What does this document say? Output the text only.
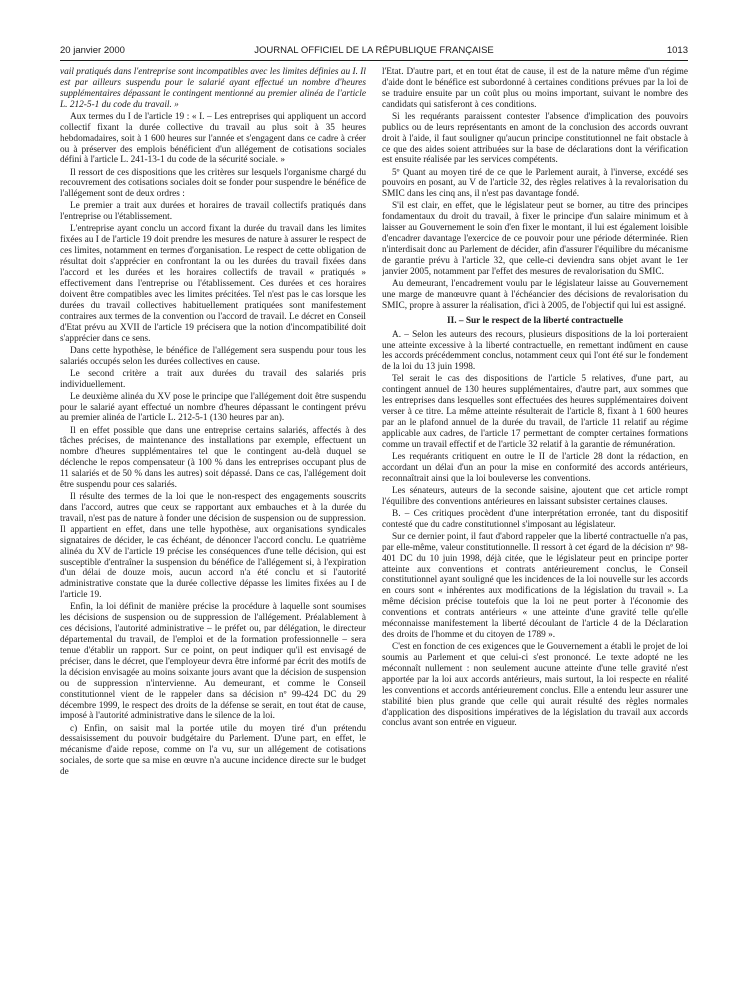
20 janvier 2000	JOURNAL OFFICIEL DE LA RÉPUBLIQUE FRANÇAISE	1013

vail pratiqués dans l'entreprise sont incompatibles avec les limites définies au I. Il est par ailleurs suspendu pour le salarié ayant effectué un nombre d'heures supplémentaires dépassant le contingent mentionné au premier alinéa de l'article L. 212-5-1 du code du travail. »

Aux termes du I de l'article 19 : « I. – Les entreprises qui appliquent un accord collectif fixant la durée collective du travail au plus soit à 35 heures hebdomadaires, soit à 1 600 heures sur l'année et s'engagent dans ce cadre à créer ou à préserver des emplois bénéficient d'un allégement de cotisations sociales défini à l'article L. 241-13-1 du code de la sécurité sociale. »

Il ressort de ces dispositions que les critères sur lesquels l'organisme chargé du recouvrement des cotisations sociales doit se fonder pour suspendre le bénéfice de l'allégement sont de deux ordres :

Le premier a trait aux durées et horaires de travail collectifs pratiqués dans l'entreprise ou l'établissement.

L'entreprise ayant conclu un accord fixant la durée du travail dans les limites fixées au I de l'article 19 doit prendre les mesures de nature à assurer le respect de ces limites, notamment en termes d'organisation. Le respect de cette obligation de résultat doit s'apprécier en confrontant la ou les durées du travail fixées dans l'accord et les durées et les horaires collectifs de travail « pratiqués » effectivement dans l'entreprise ou l'établissement. Ces durées et ces horaires doivent être compatibles avec les limites précitées. Tel n'est pas le cas lorsque les durées du travail collectives habituellement pratiquées sont manifestement contraires aux termes de la convention ou l'accord de travail. Le décret en Conseil d'Etat prévu au XVII de l'article 19 précisera que la notion d'incompatibilité doit s'apprécier dans ce sens.

Dans cette hypothèse, le bénéfice de l'allégement sera suspendu pour tous les salariés occupés selon les durées collectives en cause.

Le second critère a trait aux durées du travail des salariés pris individuellement.

Le deuxième alinéa du XV pose le principe que l'allégement doit être suspendu pour le salarié ayant effectué un nombre d'heures dépassant le contingent prévu au premier alinéa de l'article L. 212-5-1 (130 heures par an).

Il en effet possible que dans une entreprise certains salariés, affectés à des tâches précises, de maintenance des installations par exemple, effectuent un nombre d'heures supplémentaires tel que le contingent au-delà duquel se déclenche le repos compensateur (à 100 % dans les entreprises occupant plus de 11 salariés et de 50 % dans les autres) soit dépassé. Dans ce cas, l'allégement doit être suspendu pour ces salariés.

Il résulte des termes de la loi que le non-respect des engagements souscrits dans l'accord, autres que ceux se rapportant aux embauches et à la durée du travail, n'est pas de nature à fonder une décision de suspension ou de suppression. Il appartient en effet, dans une telle hypothèse, aux organisations syndicales signataires de décider, le cas échéant, de dénoncer l'accord conclu. Le quatrième alinéa du XV de l'article 19 précise les conséquences d'une telle décision, qui est susceptible d'entraîner la suspension du bénéfice de l'allégement si, à l'expiration d'un délai de douze mois, aucun accord n'a été conclu et si l'autorité administrative constate que la durée collective dépasse les limites fixées au I de l'article 19.

Enfin, la loi définit de manière précise la procédure à laquelle sont soumises les décisions de suspension ou de suppression de l'allégement. Préalablement à ces décisions, l'autorité administrative – le préfet ou, par délégation, le directeur départemental du travail, de l'emploi et de la formation professionnelle – sera tenue d'établir un rapport. Sur ce point, on peut indiquer qu'il est envisagé de préciser, dans le décret, que l'employeur devra être informé par écrit des motifs de la décision envisagée au moins soixante jours avant que la décision de suspension ou de suppression n'intervienne. Au demeurant, et comme le Conseil constitutionnel vient de le rappeler dans sa décision nº 99-424 DC du 29 décembre 1999, le respect des droits de la défense se serait, en tout état de cause, imposé à l'autorité administrative dans le silence de la loi.

c) Enfin, on saisit mal la portée utile du moyen tiré d'un prétendu dessaisissement du pouvoir budgétaire du Parlement. D'une part, en effet, le mécanisme d'aide repose, comme on l'a vu, sur un allégement de cotisations sociales, de sorte que sa mise en œuvre n'a aucune incidence directe sur le budget de

l'Etat. D'autre part, et en tout état de cause, il est de la nature même d'un régime d'aide dont le bénéfice est subordonné à certaines conditions prévues par la loi de se traduire ensuite par un coût plus ou moins important, suivant le nombre des candidats qui satisferont à ces conditions.

Si les requérants paraissent contester l'absence d'implication des pouvoirs publics ou de leurs représentants en amont de la conclusion des accords ouvrant droit à l'aide, il faut souligner qu'aucun principe constitutionnel ne fait obstacle à ce que des aides soient attribuées sur la base de déclarations dont la vérification est ensuite réalisée par les services compétents.

5º Quant au moyen tiré de ce que le Parlement aurait, à l'inverse, excédé ses pouvoirs en posant, au V de l'article 32, des règles relatives à la revalorisation du SMIC dans les cinq ans, il n'est pas davantage fondé.

S'il est clair, en effet, que le législateur peut se borner, au titre des principes fondamentaux du droit du travail, à fixer le principe d'un salaire minimum et à laisser au Gouvernement le soin d'en fixer le montant, il lui est également loisible d'encadrer davantage l'exercice de ce pouvoir pour une période déterminée. Rien n'interdisait donc au Parlement de décider, afin d'assurer l'équilibre du mécanisme de garantie prévu à l'article 32, que celle-ci deviendra sans objet avant le 1er janvier 2005, notamment par l'effet des mesures de revalorisation du SMIC.

Au demeurant, l'encadrement voulu par le législateur laisse au Gouvernement une marge de manœuvre quant à l'échéancier des décisions de revalorisation du SMIC, propre à assurer la réalisation, d'ici à 2005, de l'objectif qui lui est assigné.

II. – Sur le respect de la liberté contractuelle

A. – Selon les auteurs des recours, plusieurs dispositions de la loi porteraient une atteinte excessive à la liberté contractuelle, en remettant indûment en cause les accords précédemment conclus, notamment ceux qui l'ont été sur le fondement de la loi du 13 juin 1998.

Tel serait le cas des dispositions de l'article 5 relatives, d'une part, au contingent annuel de 130 heures supplémentaires, d'autre part, aux sommes que les entreprises dans lesquelles sont effectuées des heures supplémentaires doivent verser à ce titre. La même atteinte résulterait de l'article 8, fixant à 1 600 heures par an le plafond annuel de la durée du travail, de l'article 11 relatif au régime applicable aux cadres, de l'article 17 permettant de compter certaines formations comme un travail effectif et de l'article 32 relatif à la garantie de rémunération.

Les requérants critiquent en outre le II de l'article 28 dont la rédaction, en accordant un délai d'un an pour la mise en conformité des accords antérieurs, reconnaîtrait ainsi que la loi bouleverse les conventions.

Les sénateurs, auteurs de la seconde saisine, ajoutent que cet article rompt l'équilibre des conventions antérieures en laissant subsister certaines clauses.

B. – Ces critiques procèdent d'une interprétation erronée, tant du dispositif contesté que du cadre constitutionnel s'imposant au législateur.

Sur ce dernier point, il faut d'abord rappeler que la liberté contractuelle n'a pas, par elle-même, valeur constitutionnelle. Il ressort à cet égard de la décision nº 98-401 DC du 10 juin 1998, déjà citée, que le législateur peut en principe porter atteinte aux conventions et contrats antérieurement conclus, le Conseil constitutionnel ayant souligné que les incidences de la loi nouvelle sur les accords en cours sont « inhérentes aux modifications de la législation du travail ». La même décision précise toutefois que la loi ne peut porter à l'économie des conventions et contrats antérieurs « une atteinte d'une gravité telle qu'elle méconnaisse manifestement la liberté découlant de l'article 4 de la Déclaration des droits de l'homme et du citoyen de 1789 ».

C'est en fonction de ces exigences que le Gouvernement a établi le projet de loi soumis au Parlement et que celui-ci s'est prononcé. Le texte adopté ne les méconnaît nullement : non seulement aucune atteinte d'une telle gravité n'est apportée par la loi aux accords antérieurs, mais surtout, la loi respecte en réalité les conventions et accords antérieurement conclus. Elle a entendu leur assurer une stabilité bien plus grande que celle qui aurait résulté des règles normales d'application des dispositions impératives de la législation du travail aux accords conclus avant son entrée en vigueur.
